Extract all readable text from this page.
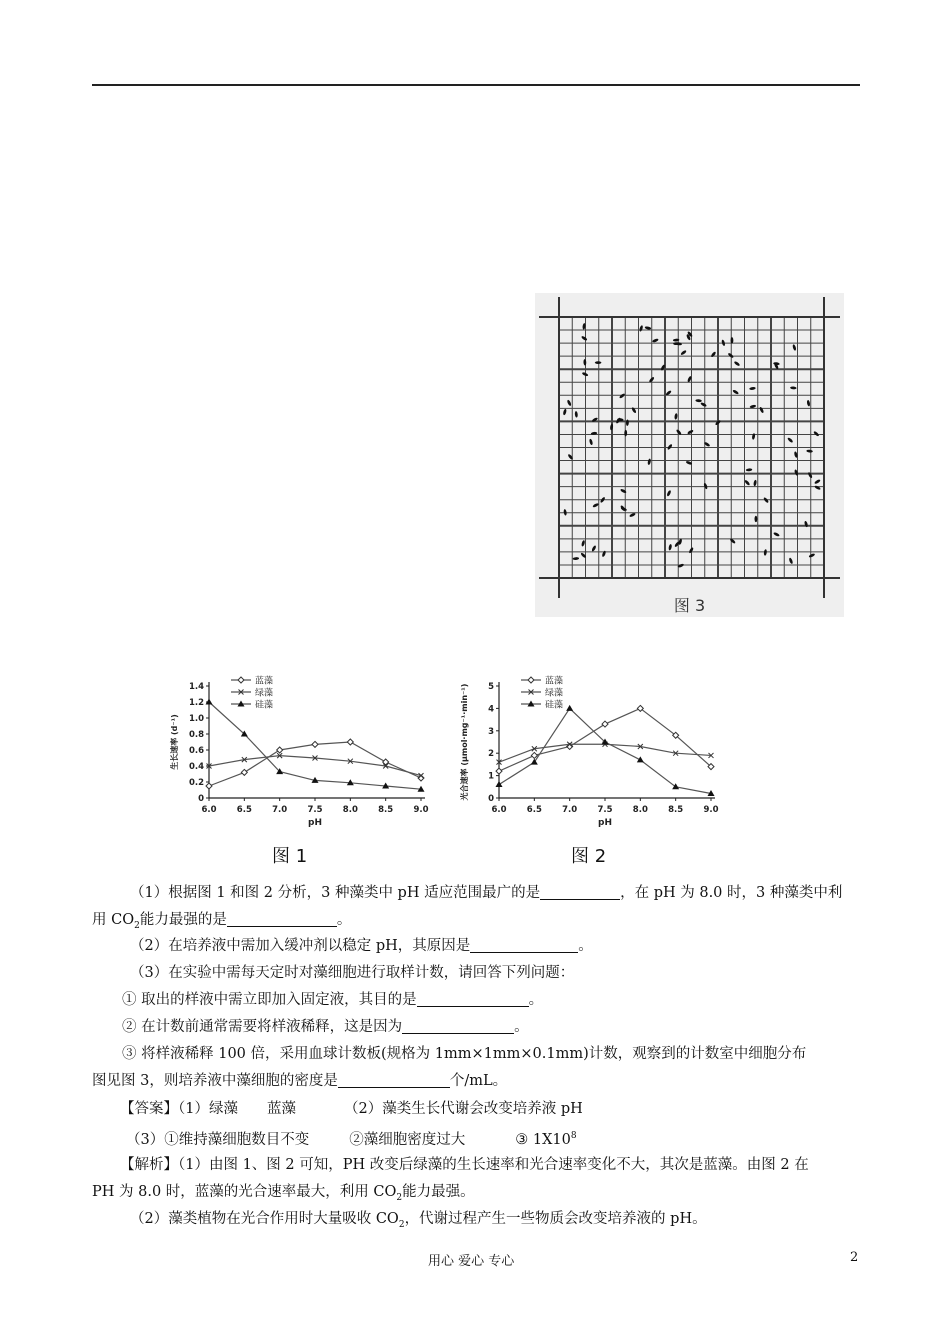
图 3
0
0.2
0.4
0.6
0.8
1.0
1.2
1.4
6.0 6.5 7.0 7.5 8.0 8.5 9.0
pH
生长速率 (d⁻¹)
蓝藻
绿藻
硅藻
图 1
0
1
2
3
4
5
6.0 6.5 7.0 7.5 8.0 8.5 9.0
pH
光合速率 (μmol·mg⁻¹·min⁻¹)
蓝藻
绿藻
硅藻
图 2
（1）根据图 1 和图 2 分析，3 种藻类中 pH 适应范围最广的是	，在 pH 为 8.0 时，3 种藻类中利
用 $CO_2$能力最强的是	。
（2）在培养液中需加入缓冲剂以稳定 pH，其原因是	。
（3）在实验中需每天定时对藻细胞进行取样计数，请回答下列问题：
① 取出的样液中需立即加入固定液，其目的是	。
② 在计数前通常需要将样液稀释，这是因为	。
③ 将样液稀释 100 倍，采用血球计数板(规格为 1mm×1mm×0.1mm)计数，观察到的计数室中细胞分布
图见图 3，则培养液中藻细胞的密度是	个/mL。
【答案】（1）绿藻　　蓝藻	（2）藻类生长代谢会改变培养液 pH
（3）①维持藻细胞数目不变	②藻细胞密度过大	③ $1X10^8$
【解析】（1）由图 1、图 2 可知，PH 改变后绿藻的生长速率和光合速率变化不大，其次是蓝藻。由图 2 在
PH 为 8.0 时，蓝藻的光合速率最大，利用 $CO_2$能力最强。
（2）藻类植物在光合作用时大量吸收 $CO_2$，代谢过程产生一些物质会改变培养液的 pH。
用心 爱心 专心	2
